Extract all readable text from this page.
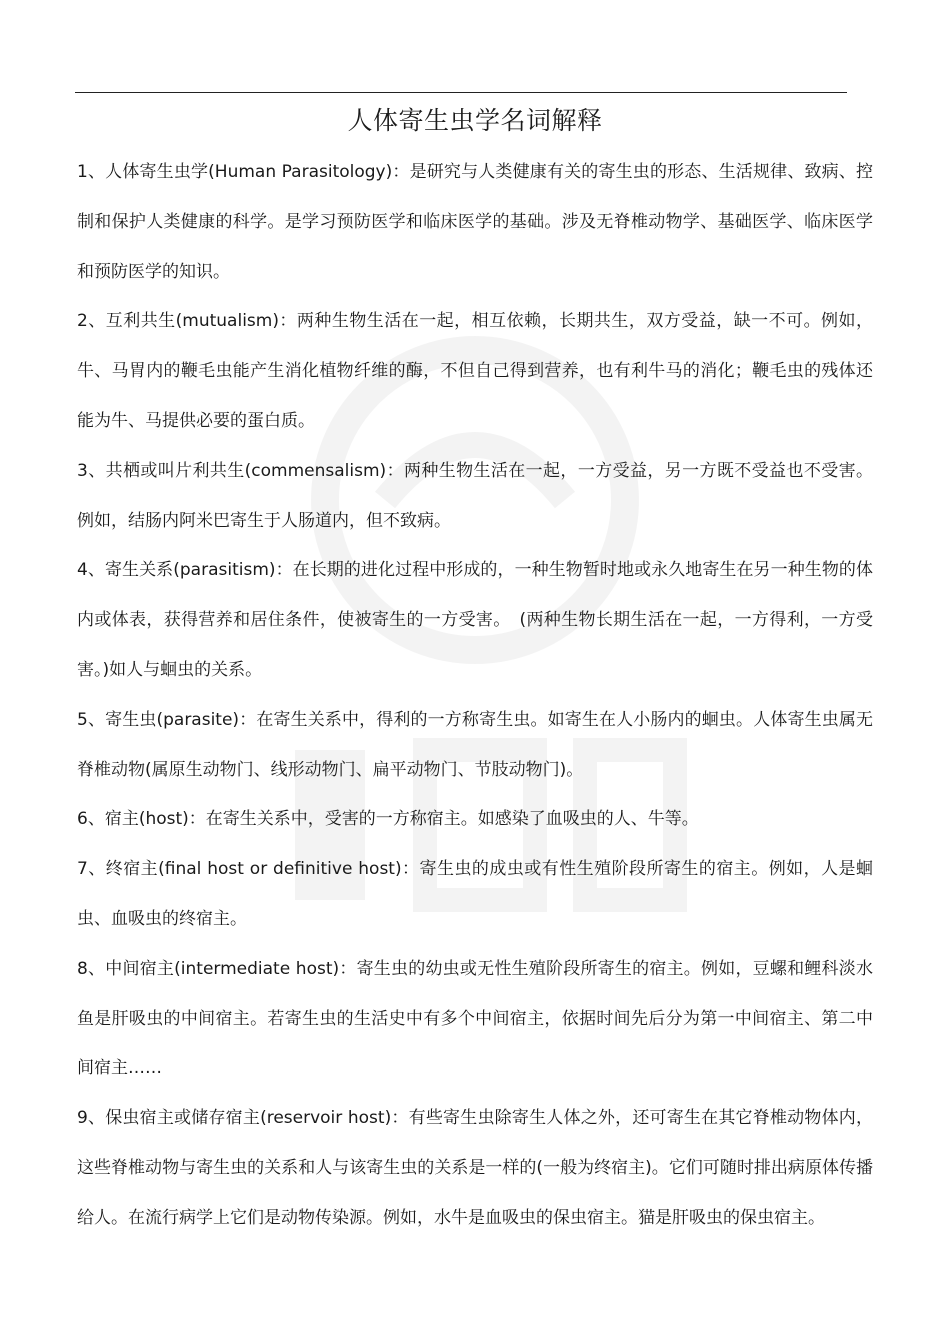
人体寄生虫学名词解释

1、人体寄生虫学(Human Parasitology)：是研究与人类健康有关的寄生虫的形态、生活规律、致病、控制和保护人类健康的科学。是学习预防医学和临床医学的基础。涉及无脊椎动物学、基础医学、临床医学和预防医学的知识。

2、互利共生(mutualism)：两种生物生活在一起，相互依赖，长期共生，双方受益，缺一不可。例如，牛、马胃内的鞭毛虫能产生消化植物纤维的酶，不但自己得到营养，也有利牛马的消化；鞭毛虫的残体还能为牛、马提供必要的蛋白质。

3、共栖或叫片利共生(commensalism)：两种生物生活在一起，一方受益，另一方既不受益也不受害。例如，结肠内阿米巴寄生于人肠道内，但不致病。

4、寄生关系(parasitism)：在长期的进化过程中形成的，一种生物暂时地或永久地寄生在另一种生物的体内或体表，获得营养和居住条件，使被寄生的一方受害。　(两种生物长期生活在一起，一方得利，一方受害。)如人与蛔虫的关系。

5、寄生虫(parasite)：在寄生关系中，得利的一方称寄生虫。如寄生在人小肠内的蛔虫。人体寄生虫属无脊椎动物(属原生动物门、线形动物门、扁平动物门、节肢动物门)。

6、宿主(host)：在寄生关系中，受害的一方称宿主。如感染了血吸虫的人、牛等。

7、终宿主(final host or definitive host)：寄生虫的成虫或有性生殖阶段所寄生的宿主。例如，人是蛔虫、血吸虫的终宿主。

8、中间宿主(intermediate host)：寄生虫的幼虫或无性生殖阶段所寄生的宿主。例如，豆螺和鲤科淡水鱼是肝吸虫的中间宿主。若寄生虫的生活史中有多个中间宿主，依据时间先后分为第一中间宿主、第二中间宿主……

9、保虫宿主或储存宿主(reservoir host)：有些寄生虫除寄生人体之外，还可寄生在其它脊椎动物体内，这些脊椎动物与寄生虫的关系和人与该寄生虫的关系是一样的(一般为终宿主)。它们可随时排出病原体传播给人。在流行病学上它们是动物传染源。例如，水牛是血吸虫的保虫宿主。猫是肝吸虫的保虫宿主。
